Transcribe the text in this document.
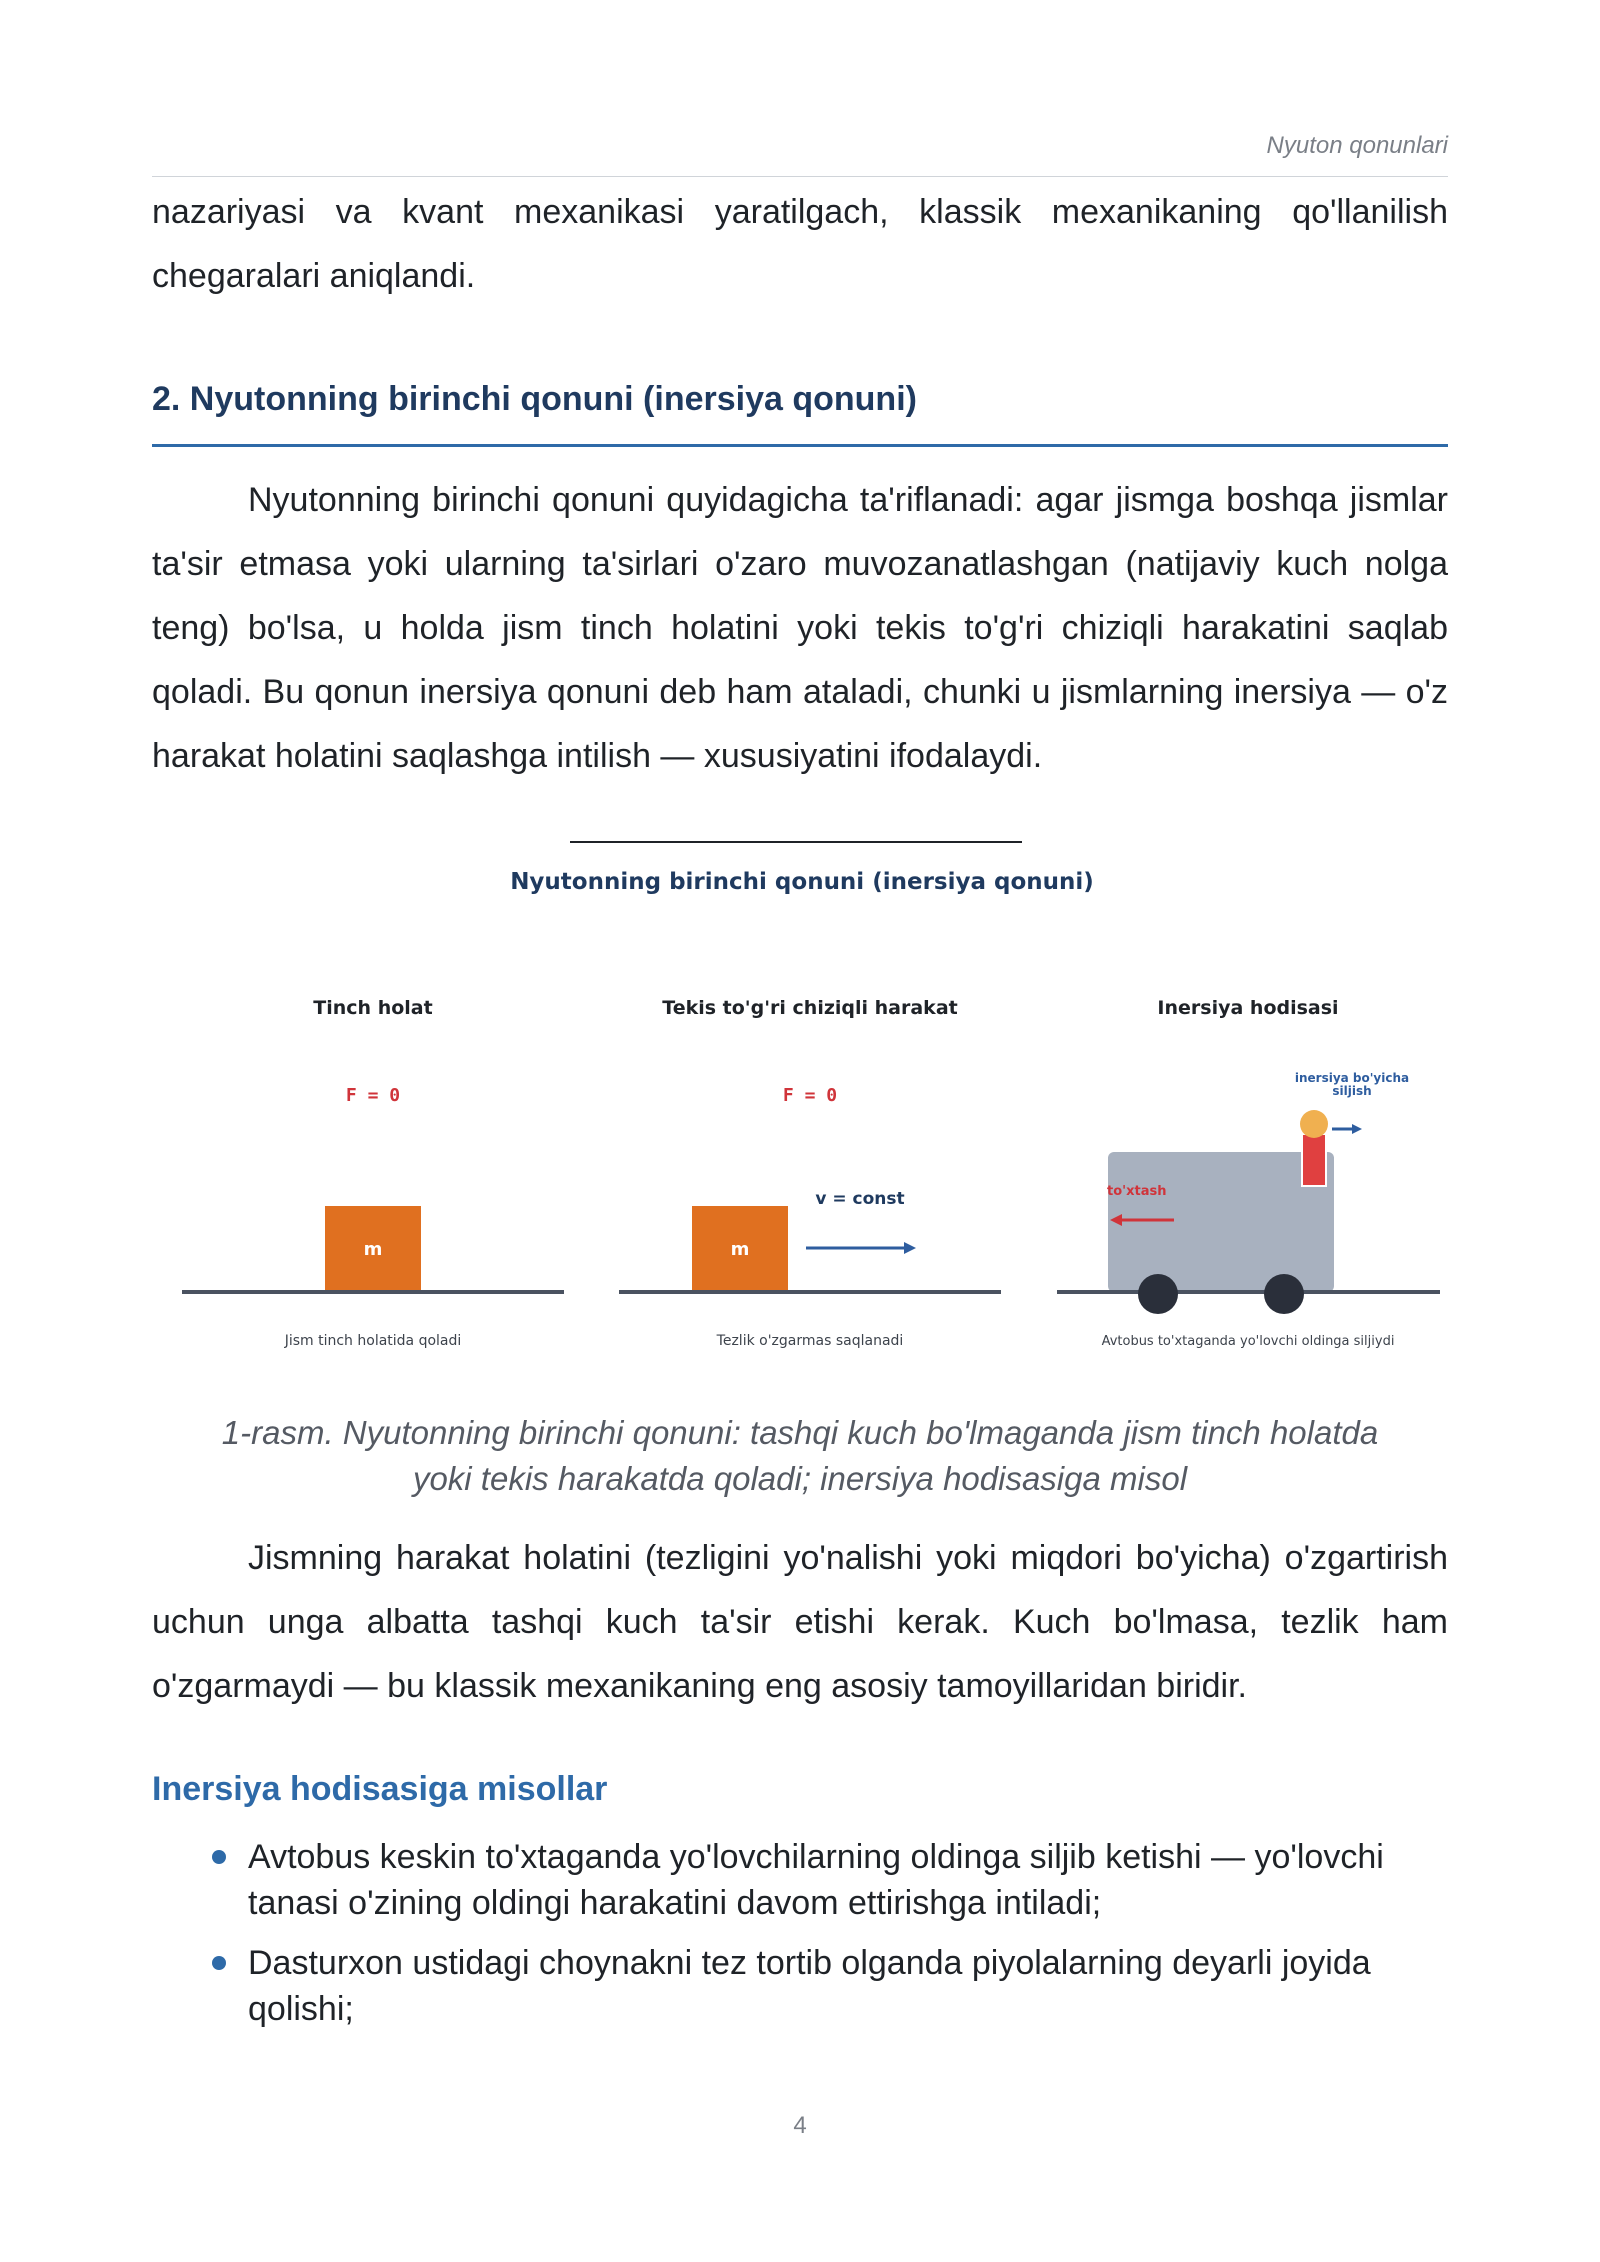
Nyuton qonunlari

nazariyasi va kvant mexanikasi yaratilgach, klassik mexanikaning qo'llanilish chegaralari aniqlandi.

2. Nyutonning birinchi qonuni (inersiya qonuni)

Nyutonning birinchi qonuni quyidagicha ta'riflanadi: agar jismga boshqa jismlar ta'sir etmasa yoki ularning ta'sirlari o'zaro muvozanatlashgan (natijaviy kuch nolga teng) bo'lsa, u holda jism tinch holatini yoki tekis to'g'ri chiziqli harakatini saqlab qoladi. Bu qonun inersiya qonuni deb ham ataladi, chunki u jismlarning inersiya — o'z harakat holatini saqlashga intilish — xususiyatini ifodalaydi.

Nyutonning birinchi qonuni (inersiya qonuni)
Tinch holat
F = 0
m
Jism tinch holatida qoladi
Tekis to'g'ri chiziqli harakat
F = 0
m
v = const
Tezlik o'zgarmas saqlanadi
Inersiya hodisasi
inersiya bo'yicha
siljish
to'xtash
Avtobus to'xtaganda yo'lovchi oldinga siljiydi

1-rasm. Nyutonning birinchi qonuni: tashqi kuch bo'lmaganda jism tinch holatda
yoki tekis harakatda qoladi; inersiya hodisasiga misol

Jismning harakat holatini (tezligini yo'nalishi yoki miqdori bo'yicha) o'zgartirish uchun unga albatta tashqi kuch ta'sir etishi kerak. Kuch bo'lmasa, tezlik ham o'zgarmaydi — bu klassik mexanikaning eng asosiy tamoyillaridan biridir.

Inersiya hodisasiga misollar
Avtobus keskin to'xtaganda yo'lovchilarning oldinga siljib ketishi — yo'lovchi tanasi o'zining oldingi harakatini davom ettirishga intiladi;
Dasturxon ustidagi choynakni tez tortib olganda piyolalarning deyarli joyida qolishi;
4
